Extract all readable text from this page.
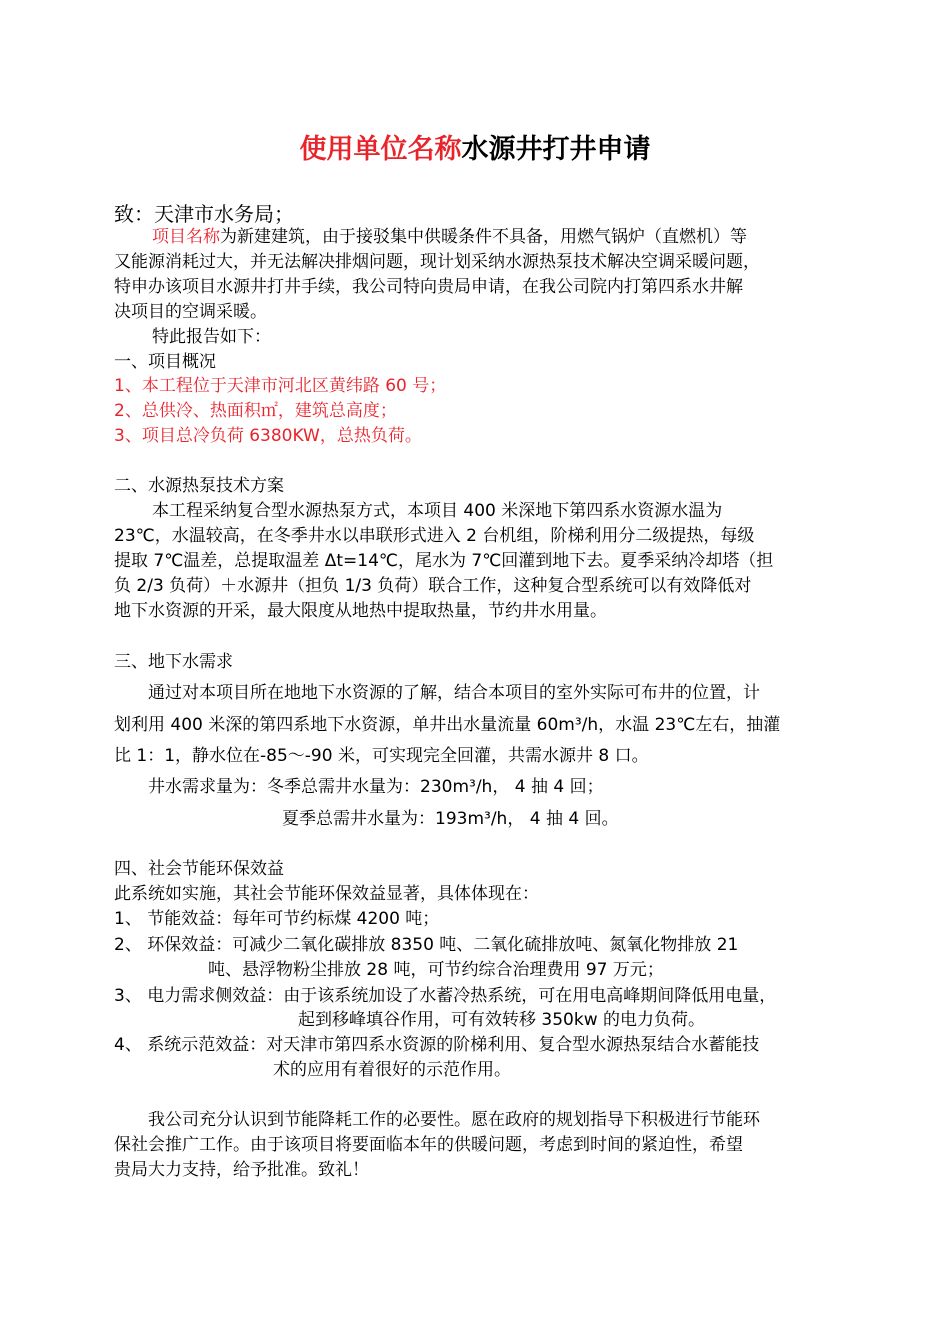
使用单位名称水源井打井申请
致：天津市水务局；
项目名称为新建建筑，由于接驳集中供暖条件不具备，用燃气锅炉（直燃机）等
又能源消耗过大，并无法解决排烟问题，现计划采纳水源热泵技术解决空调采暖问题，
特申办该项目水源井打井手续，我公司特向贵局申请，在我公司院内打第四系水井解
决项目的空调采暖。
特此报告如下：
一、项目概况
1、本工程位于天津市河北区黄纬路 60 号；
2、总供冷、热面积㎡，建筑总高度；
3、项目总冷负荷 6380KW，总热负荷。
二、水源热泵技术方案
本工程采纳复合型水源热泵方式，本项目 400 米深地下第四系水资源水温为
23℃，水温较高，在冬季井水以串联形式进入 2 台机组，阶梯利用分二级提热，每级
提取 7℃温差，总提取温差 Δt=14℃，尾水为 7℃回灌到地下去。夏季采纳冷却塔（担
负 2/3 负荷）＋水源井（担负 1/3 负荷）联合工作，这种复合型系统可以有效降低对
地下水资源的开采，最大限度从地热中提取热量，节约井水用量。
三、地下水需求
通过对本项目所在地地下水资源的了解，结合本项目的室外实际可布井的位置，计
划利用 400 米深的第四系地下水资源，单井出水量流量 60m³/h，水温 23℃左右，抽灌
比 1：1，静水位在-85～-90 米，可实现完全回灌，共需水源井 8 口。
井水需求量为：冬季总需井水量为：230m³/h， 4 抽 4 回；
夏季总需井水量为：193m³/h， 4 抽 4 回。
四、社会节能环保效益
此系统如实施，其社会节能环保效益显著，具体体现在：
1、 节能效益：每年可节约标煤 4200 吨；
2、 环保效益：可减少二氧化碳排放 8350 吨、二氧化硫排放吨、氮氧化物排放 21
吨、悬浮物粉尘排放 28 吨，可节约综合治理费用 97 万元；
3、 电力需求侧效益：由于该系统加设了水蓄冷热系统，可在用电高峰期间降低用电量，
起到移峰填谷作用，可有效转移 350kw 的电力负荷。
4、 系统示范效益：对天津市第四系水资源的阶梯利用、复合型水源热泵结合水蓄能技
术的应用有着很好的示范作用。
我公司充分认识到节能降耗工作的必要性。愿在政府的规划指导下积极进行节能环
保社会推广工作。由于该项目将要面临本年的供暖问题，考虑到时间的紧迫性，希望
贵局大力支持，给予批准。致礼！
